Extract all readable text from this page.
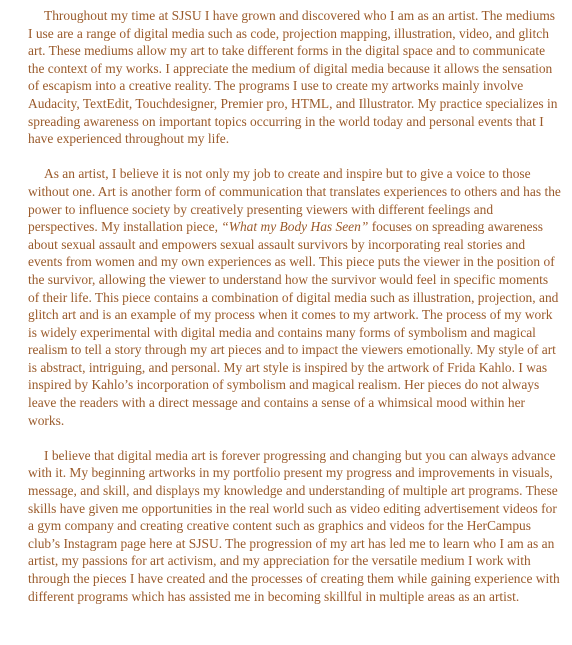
Throughout my time at SJSU I have grown and discovered who I am as an artist. The mediums I use are a range of digital media such as code, projection mapping, illustration, video, and glitch art. These mediums allow my art to take different forms in the digital space and to communicate the context of my works. I appreciate the medium of digital media because it allows the sensation of escapism into a creative reality. The programs I use to create my artworks mainly involve Audacity, TextEdit, Touchdesigner, Premier pro, HTML, and Illustrator. My practice specializes in spreading awareness on important topics occurring in the world today and personal events that I have experienced throughout my life.

As an artist, I believe it is not only my job to create and inspire but to give a voice to those without one. Art is another form of communication that translates experiences to others and has the power to influence society by creatively presenting viewers with different feelings and perspectives. My installation piece, “What my Body Has Seen” focuses on spreading awareness about sexual assault and empowers sexual assault survivors by incorporating real stories and events from women and my own experiences as well. This piece puts the viewer in the position of the survivor, allowing the viewer to understand how the survivor would feel in specific moments of their life. This piece contains a combination of digital media such as illustration, projection, and glitch art and is an example of my process when it comes to my artwork. The process of my work is widely experimental with digital media and contains many forms of symbolism and magical realism to tell a story through my art pieces and to impact the viewers emotionally. My style of art is abstract, intriguing, and personal. My art style is inspired by the artwork of Frida Kahlo. I was inspired by Kahlo’s incorporation of symbolism and magical realism. Her pieces do not always leave the readers with a direct message and contains a sense of a whimsical mood within her works.

I believe that digital media art is forever progressing and changing but you can always advance with it. My beginning artworks in my portfolio present my progress and improvements in visuals, message, and skill, and displays my knowledge and understanding of multiple art programs. These skills have given me opportunities in the real world such as video editing advertisement videos for a gym company and creating creative content such as graphics and videos for the HerCampus club’s Instagram page here at SJSU. The progression of my art has led me to learn who I am as an artist, my passions for art activism, and my appreciation for the versatile medium I work with through the pieces I have created and the processes of creating them while gaining experience with different programs which has assisted me in becoming skillful in multiple areas as an artist.
